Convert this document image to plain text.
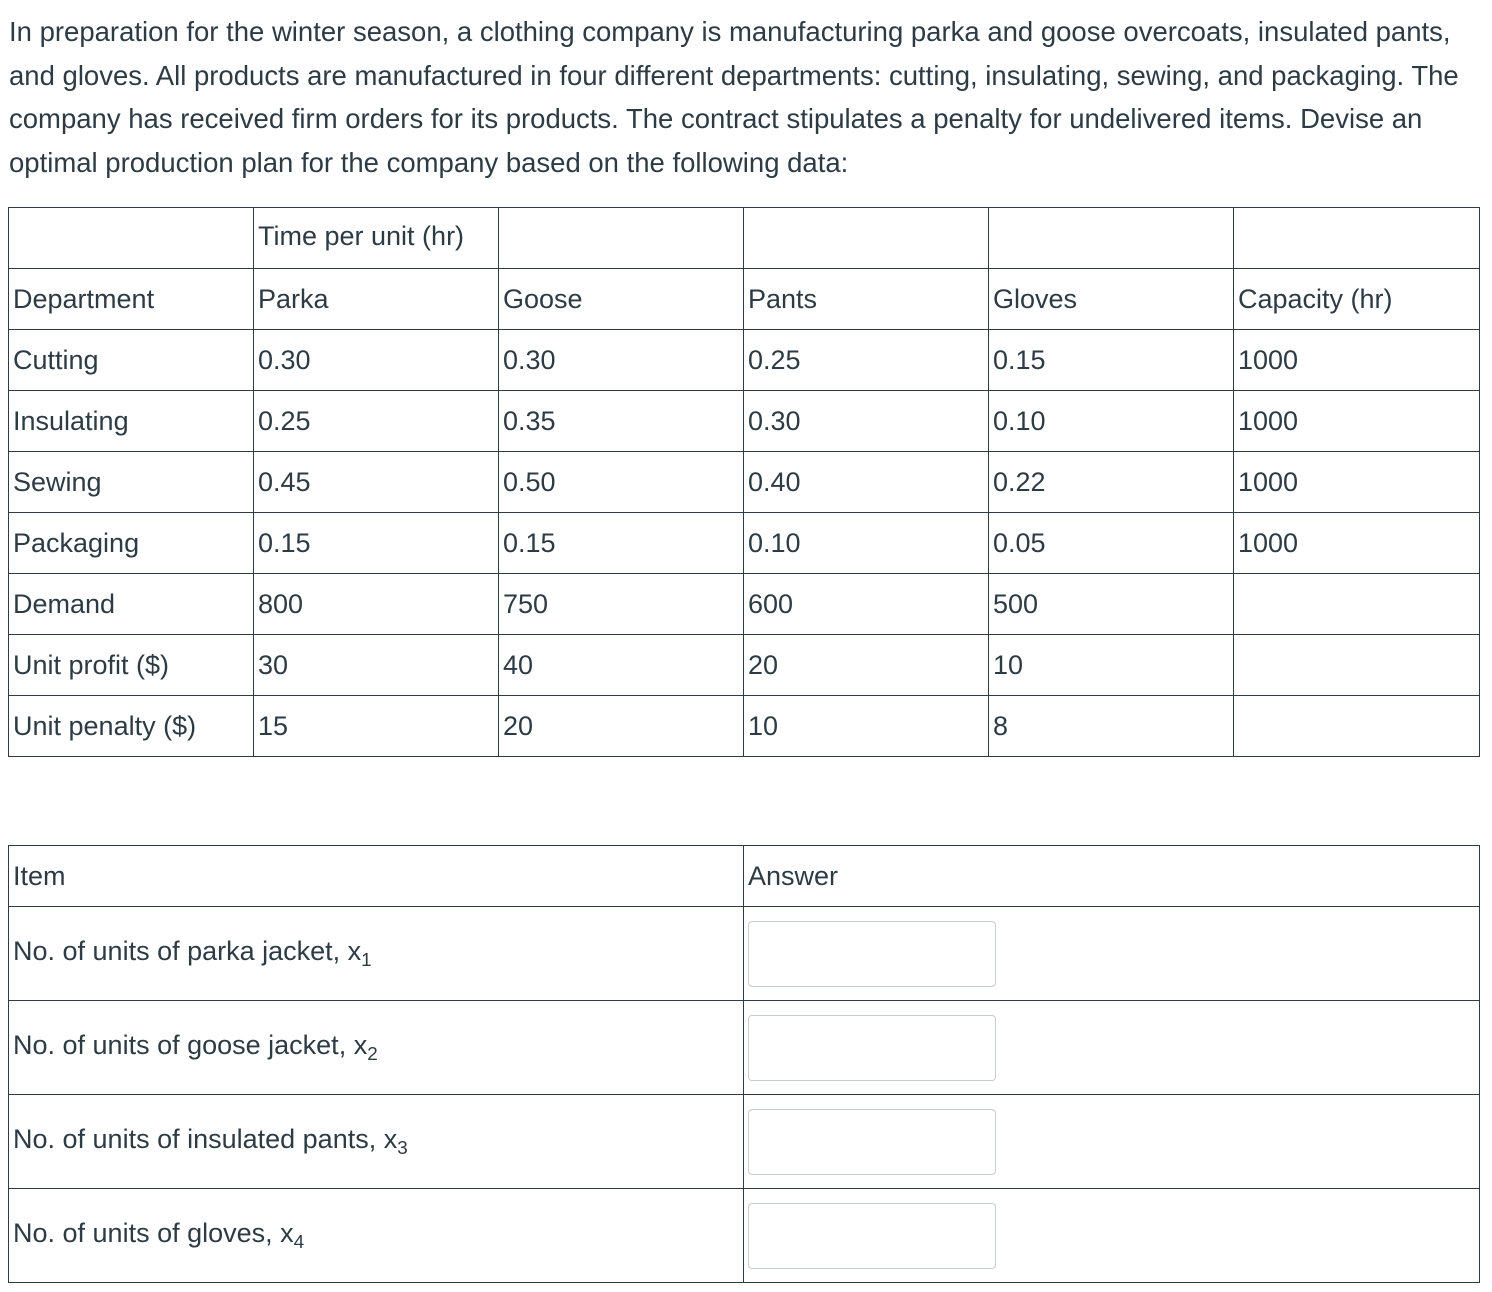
In preparation for the winter season, a clothing company is manufacturing parka and goose overcoats, insulated pants, and gloves. All products are manufactured in four different departments: cutting, insulating, sewing, and packaging. The company has received firm orders for its products. The contract stipulates a penalty for undelivered items. Devise an optimal production plan for the company based on the following data:

	Time per unit (hr)				
Department	Parka	Goose	Pants	Gloves	Capacity (hr)
Cutting	0.30	0.30	0.25	0.15	1000
Insulating	0.25	0.35	0.30	0.10	1000
Sewing	0.45	0.50	0.40	0.22	1000
Packaging	0.15	0.15	0.10	0.05	1000
Demand	800	750	600	500	
Unit profit ($)	30	40	20	10	
Unit penalty ($)	15	20	10	8	
Item	Answer
No. of units of parka jacket, $x_1$	

No. of units of goose jacket, $x_2$	

No. of units of insulated pants, $x_3$	

No. of units of gloves, $x_4$	
